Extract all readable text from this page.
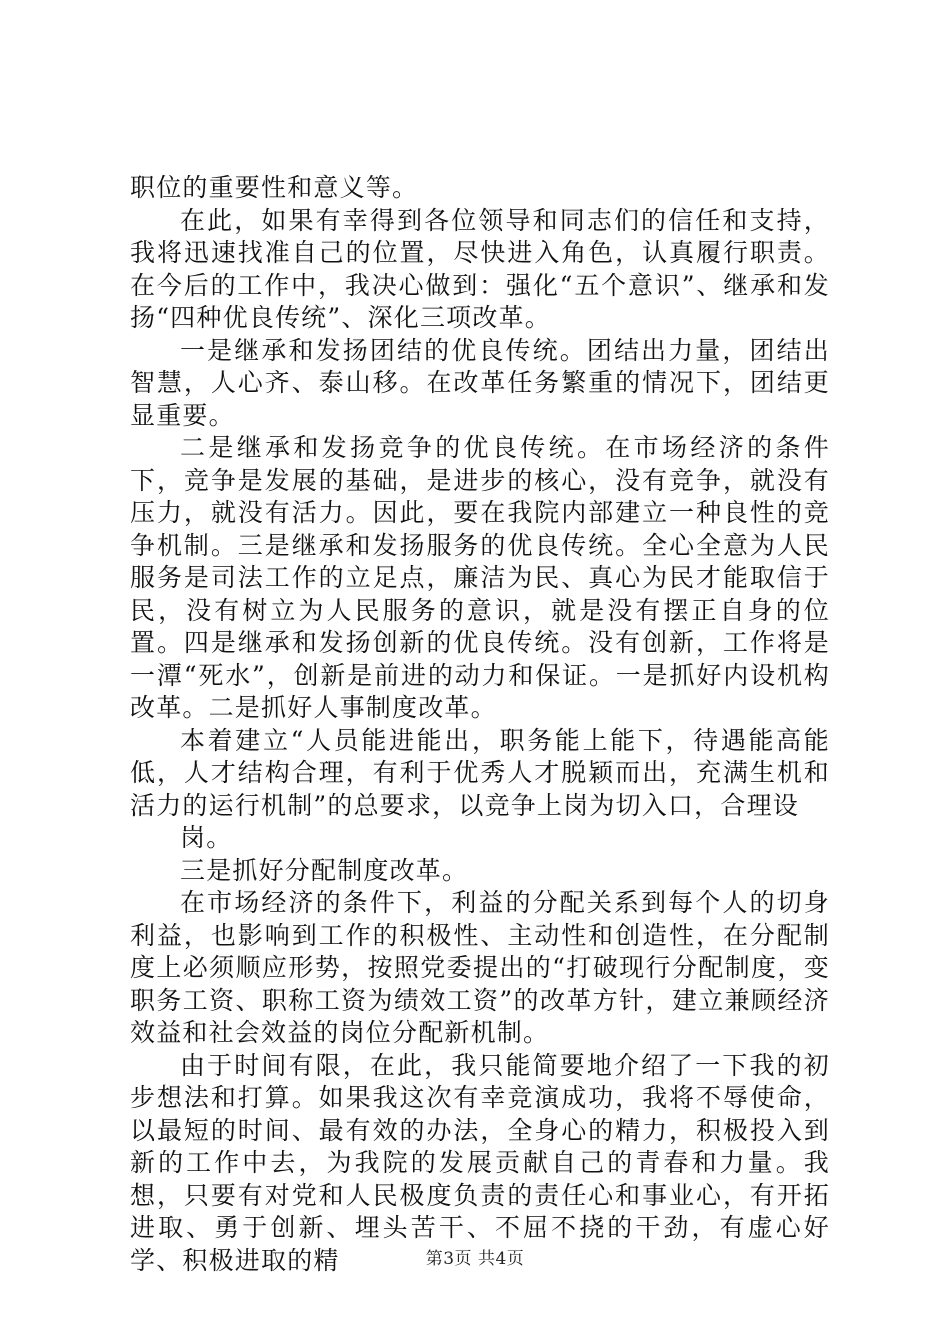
职位的重要性和意义等。

在此，如果有幸得到各位领导和同志们的信任和支持，我将迅速找准自己的位置，尽快进入角色，认真履行职责。在今后的工作中，我决心做到：强化“五个意识”、继承和发扬“四种优良传统”、深化三项改革。

一是继承和发扬团结的优良传统。团结出力量，团结出智慧，人心齐、泰山移。在改革任务繁重的情况下，团结更显重要。

二是继承和发扬竞争的优良传统。在市场经济的条件下，竞争是发展的基础，是进步的核心，没有竞争，就没有压力，就没有活力。因此，要在我院内部建立一种良性的竞争机制。三是继承和发扬服务的优良传统。全心全意为人民服务是司法工作的立足点，廉洁为民、真心为民才能取信于民，没有树立为人民服务的意识，就是没有摆正自身的位置。四是继承和发扬创新的优良传统。没有创新，工作将是一潭“死水”，创新是前进的动力和保证。一是抓好内设机构改革。二是抓好人事制度改革。

本着建立“人员能进能出，职务能上能下，待遇能高能低，人才结构合理，有利于优秀人才脱颖而出，充满生机和活力的运行机制”的总要求，以竞争上岗为切入口，合理设

岗。

三是抓好分配制度改革。

在市场经济的条件下，利益的分配关系到每个人的切身利益，也影响到工作的积极性、主动性和创造性，在分配制度上必须顺应形势，按照党委提出的“打破现行分配制度，变职务工资、职称工资为绩效工资”的改革方针，建立兼顾经济效益和社会效益的岗位分配新机制。

由于时间有限，在此，我只能简要地介绍了一下我的初步想法和打算。如果我这次有幸竞演成功，我将不辱使命，以最短的时间、最有效的办法，全身心的精力，积极投入到新的工作中去，为我院的发展贡献自己的青春和力量。我想，只要有对党和人民极度负责的责任心和事业心，有开拓进取、勇于创新、埋头苦干、不屈不挠的干劲，有虚心好学、积极进取的精	第3页 共4页
